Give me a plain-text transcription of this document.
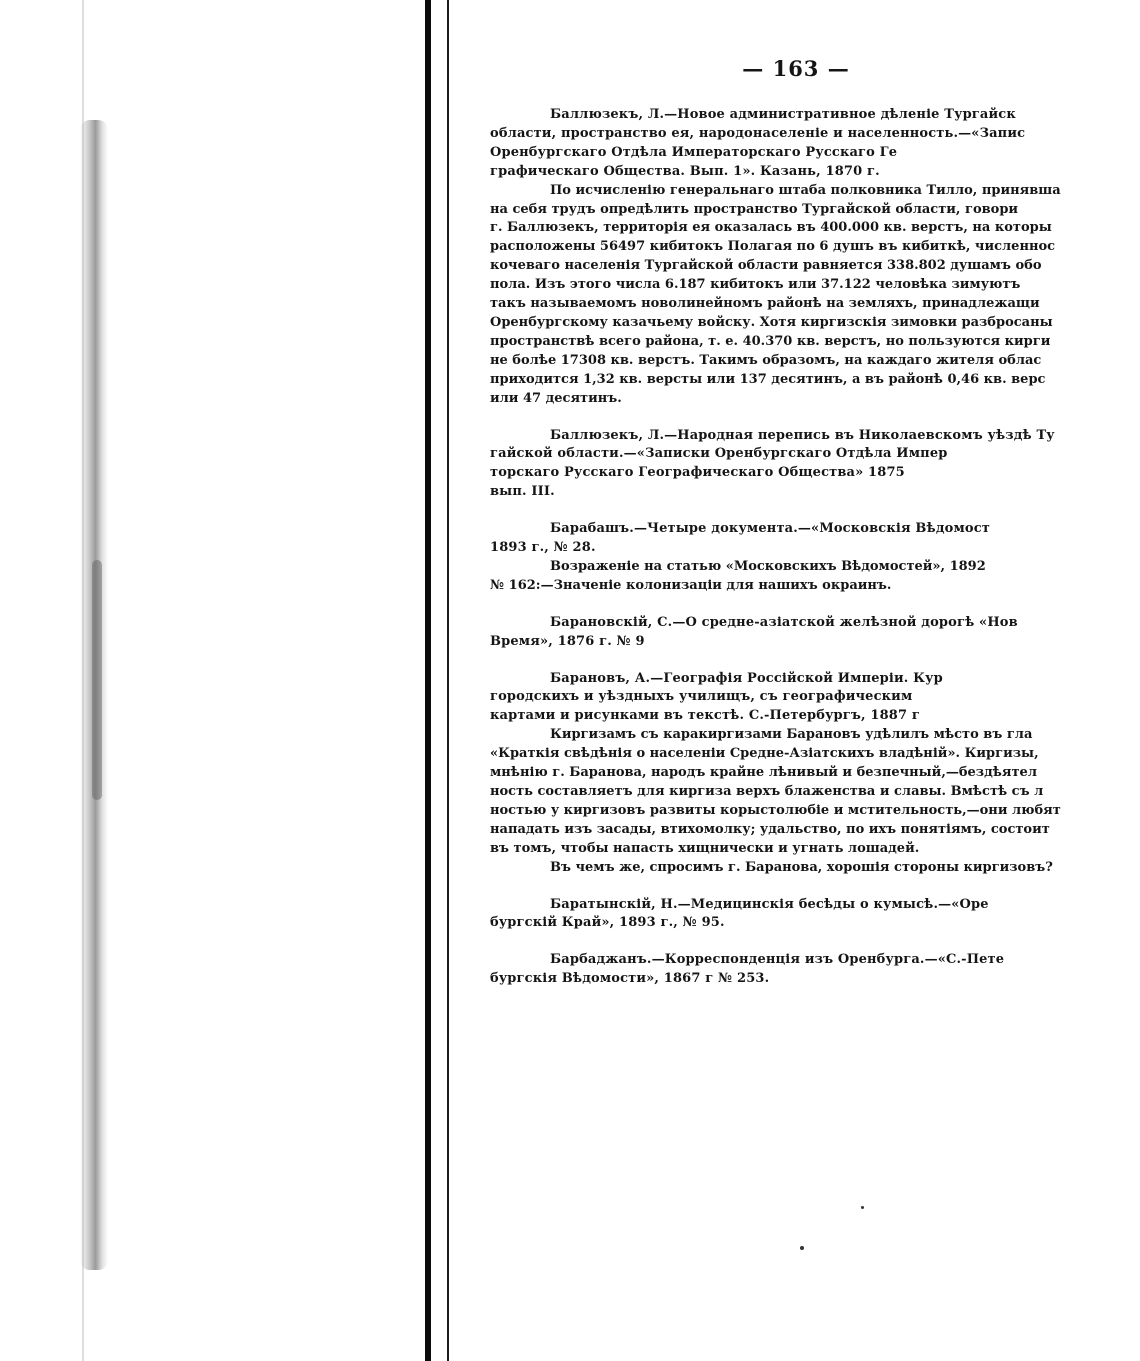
— 163 —
Баллюзекъ, Л.—Новое административное дѣленіе Тургайск
области, пространство ея, народонаселеніе и населенность.—«Запис
Оренбургскаго Отдѣла Императорскаго Русскаго Ге
графическаго Общества. Вып. 1». Казань, 1870 г.
По исчисленію генеральнаго штаба полковника Тилло, принявша
на себя трудъ опредѣлить пространство Тургайской области, говори
г. Баллюзекъ, территорія ея оказалась въ 400.000 кв. верстъ, на которы
расположены 56497 кибитокъ Полагая по 6 душъ въ кибиткѣ, численнос
кочеваго населенія Тургайской области равняется 338.802 душамъ обо
пола. Изъ этого числа 6.187 кибитокъ или 37.122 человѣка зимуютъ
такъ называемомъ новолинейномъ районѣ на земляхъ, принадлежащи
Оренбургскому казачьему войску. Хотя киргизскія зимовки разбросаны
пространствѣ всего района, т. е. 40.370 кв. верстъ, но пользуются кирги
не болѣе 17308 кв. верстъ. Такимъ образомъ, на каждаго жителя облас
приходится 1,32 кв. версты или 137 десятинъ, а въ районѣ 0,46 кв. верс
или 47 десятинъ.
Баллюзекъ, Л.—Народная перепись въ Николаевскомъ уѣздѣ Ту
гайской области.—«Записки Оренбургскаго Отдѣла Импер
торскаго Русскаго Географическаго Общества» 1875
вып. III.
Барабашъ.—Четыре документа.—«Московскія Вѣдомост
1893 г., № 28.
Возраженіе на статью «Московскихъ Вѣдомостей», 1892
№ 162:—Значеніе колонизаціи для нашихъ окраинъ.
Барановскій, С.—О средне-азіатской желѣзной дорогѣ «Нов
Время», 1876 г. № 9
Барановъ, А.—Географія Россійской Имперіи. Кур
городскихъ и уѣздныхъ училищъ, съ географическим
картами и рисунками въ текстѣ. С.-Петербургъ, 1887 г
Киргизамъ съ каракиргизами Барановъ удѣлилъ мѣсто въ гла
«Краткія свѣдѣнія о населеніи Средне-Азіатскихъ владѣній». Киргизы,
мнѣнію г. Баранова, народъ крайне лѣнивый и безпечный,—бездѣятел
ность составляетъ для киргиза верхъ блаженства и славы. Вмѣстѣ съ л
ностью у киргизовъ развиты корыстолюбіе и мстительность,—они любят
нападать изъ засады, втихомолку; удальство, по ихъ понятіямъ, состоит
въ томъ, чтобы напасть хищнически и угнать лошадей.
Въ чемъ же, спросимъ г. Баранова, хорошія стороны киргизовъ?
Баратынскій, Н.—Медицинскія бесѣды о кумысѣ.—«Оре
бургскій Край», 1893 г., № 95.
Барбаджанъ.—Корреспонденція изъ Оренбурга.—«С.-Пете
бургскія Вѣдомости», 1867 г № 253.
